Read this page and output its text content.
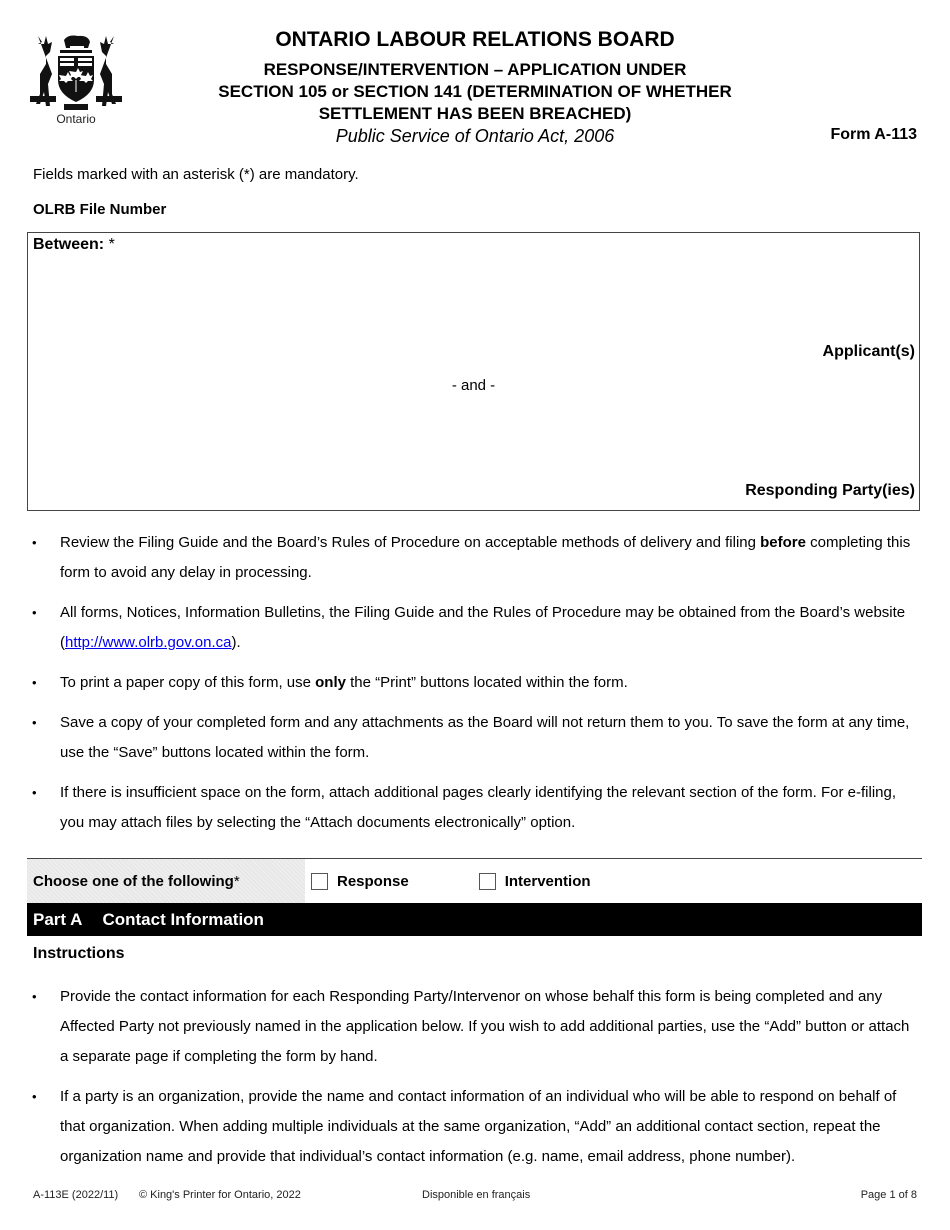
Ontario
ONTARIO LABOUR RELATIONS BOARD
RESPONSE/INTERVENTION – APPLICATION UNDER
SECTION 105 or SECTION 141 (DETERMINATION OF WHETHER
SETTLEMENT HAS BEEN BREACHED)
Public Service of Ontario Act, 2006	Form A-113
Fields marked with an asterisk (*) are mandatory.
OLRB File Number
Between: *
Applicant(s)
- and -
Responding Party(ies)
• Review the Filing Guide and the Board’s Rules of Procedure on acceptable methods of delivery and filing before completing this form to avoid any delay in processing.
• All forms, Notices, Information Bulletins, the Filing Guide and the Rules of Procedure may be obtained from the Board’s website (http://www.olrb.gov.on.ca).
• To print a paper copy of this form, use only the “Print” buttons located within the form.
• Save a copy of your completed form and any attachments as the Board will not return them to you. To save the form at any time, use the “Save” buttons located within the form.
• If there is insufficient space on the form, attach additional pages clearly identifying the relevant section of the form. For e-filing, you may attach files by selecting the “Attach documents electronically” option.
Choose one of the following *	Response	Intervention
Part A Contact Information
Instructions
• Provide the contact information for each Responding Party/Intervenor on whose behalf this form is being completed and any Affected Party not previously named in the application below. If you wish to add additional parties, use the “Add” button or attach a separate page if completing the form by hand.
• If a party is an organization, provide the name and contact information of an individual who will be able to respond on behalf of that organization. When adding multiple individuals at the same organization, “Add” an additional contact section, repeat the organization name and provide that individual’s contact information (e.g. name, email address, phone number).
A-113E (2022/11) © King's Printer for Ontario, 2022	Disponible en français	Page 1 of 8
